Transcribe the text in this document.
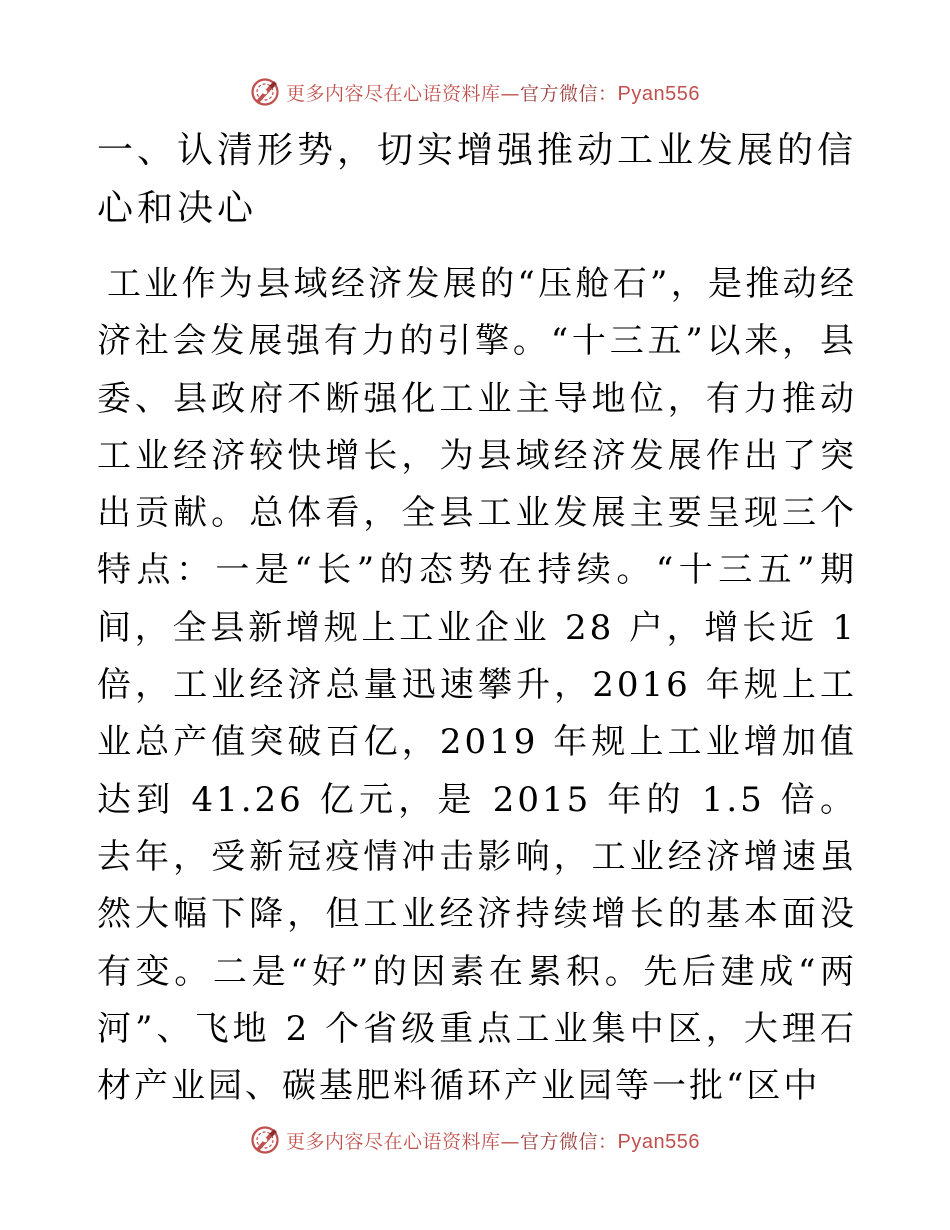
更多内容尽在心语资料库—官方微信：Pyan556
一、认清形势，切实增强推动工业发展的信心和决心

工业作为县域经济发展的“压舱石”，是推动经济社会发展强有力的引擎。“十三五”以来，县委、县政府不断强化工业主导地位，有力推动工业经济较快增长，为县域经济发展作出了突出贡献。总体看，全县工业发展主要呈现三个特点：一是“长”的态势在持续。“十三五”期间，全县新增规上工业企业 28 户，增长近 1 倍，工业经济总量迅速攀升，2016 年规上工业总产值突破百亿，2019 年规上工业增加值达到 41.26 亿元，是 2015 年的 1.5 倍。去年，受新冠疫情冲击影响，工业经济增速虽然大幅下降，但工业经济持续增长的基本面没有变。二是“好”的因素在累积。先后建成“两河”、飞地 2 个省级重点工业集中区，大理石材产业园、碳基肥料循环产业园等一批“区中

更多内容尽在心语资料库—官方微信：Pyan556
